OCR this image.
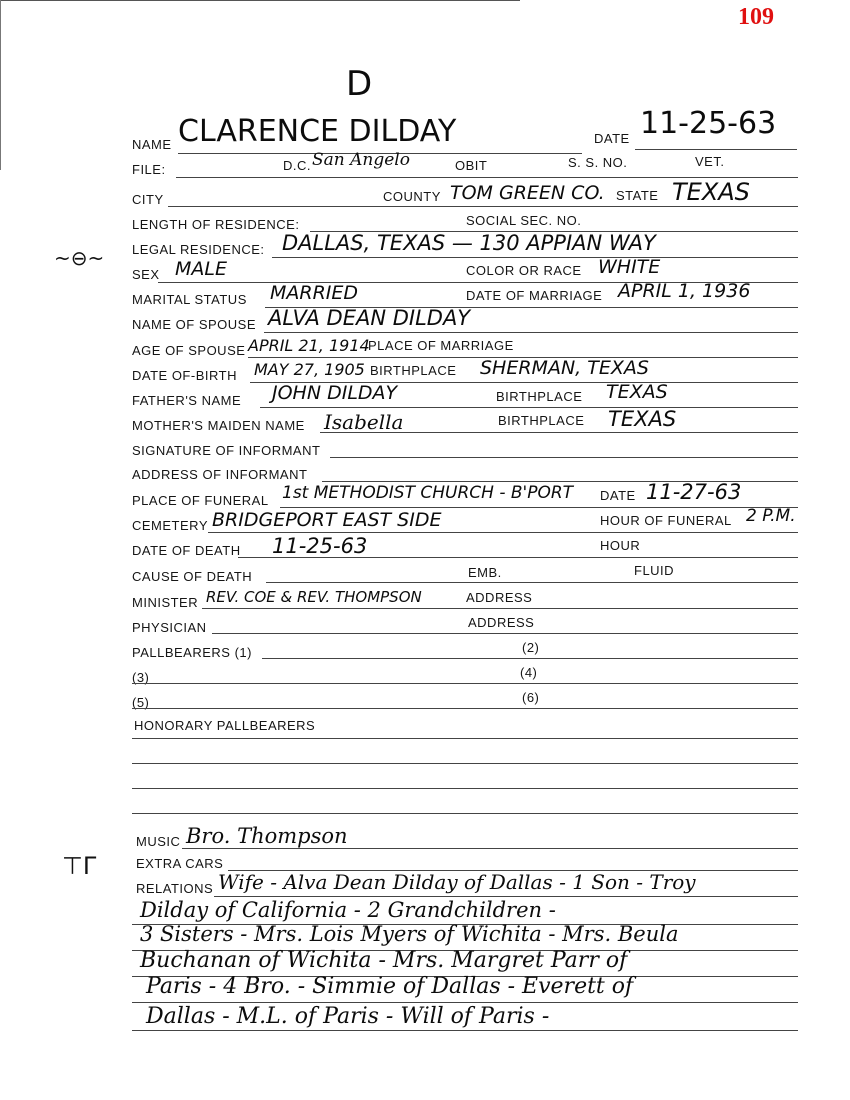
109
D
~⊖~
⊤Γ
NAME CLARENCE DILDAY	DATE 11-25-63
FILE:	D.C. San Angelo	OBIT	S. S. NO.	VET.
CITY	COUNTY TOM GREEN CO. STATE TEXAS
LENGTH OF RESIDENCE:	SOCIAL SEC. NO.
LEGAL RESIDENCE: DALLAS, TEXAS — 130 APPIAN WAY
SEX MALE	COLOR OR RACE WHITE
MARITAL STATUS MARRIED	DATE OF MARRIAGE APRIL 1, 1936
NAME OF SPOUSE ALVA DEAN DILDAY
AGE OF SPOUSE APRIL 21, 1914
PLACE OF MARRIAGE
DATE OF-BIRTH MAY 27, 1905 BIRTHPLACE SHERMAN, TEXAS
FATHER'S NAME JOHN DILDAY	BIRTHPLACE TEXAS
MOTHER'S MAIDEN NAME Isabella	BIRTHPLACE TEXAS
SIGNATURE OF INFORMANT
ADDRESS OF INFORMANT
PLACE OF FUNERAL 1st METHODIST CHURCH - B'PORT DATE 11-27-63
CEMETERY BRIDGEPORT EAST SIDE	HOUR OF FUNERAL 2 P.M.
DATE OF DEATH 11-25-63	HOUR
CAUSE OF DEATH	EMB.	FLUID
MINISTER REV. COE & REV. THOMPSON	ADDRESS
PHYSICIAN	ADDRESS
PALLBEARERS (1)	(2)
(3)	(4)
(5)	(6)
HONORARY PALLBEARERS
MUSIC Bro. Thompson
EXTRA CARS
RELATIONS Wife - Alva Dean Dilday of Dallas - 1 Son - Troy
Dilday of California - 2 Grandchildren -
3 Sisters - Mrs. Lois Myers of Wichita - Mrs. Beula
Buchanan of Wichita - Mrs. Margret Parr of
Paris - 4 Bro. - Simmie of Dallas - Everett of
Dallas - M.L. of Paris - Will of Paris -
